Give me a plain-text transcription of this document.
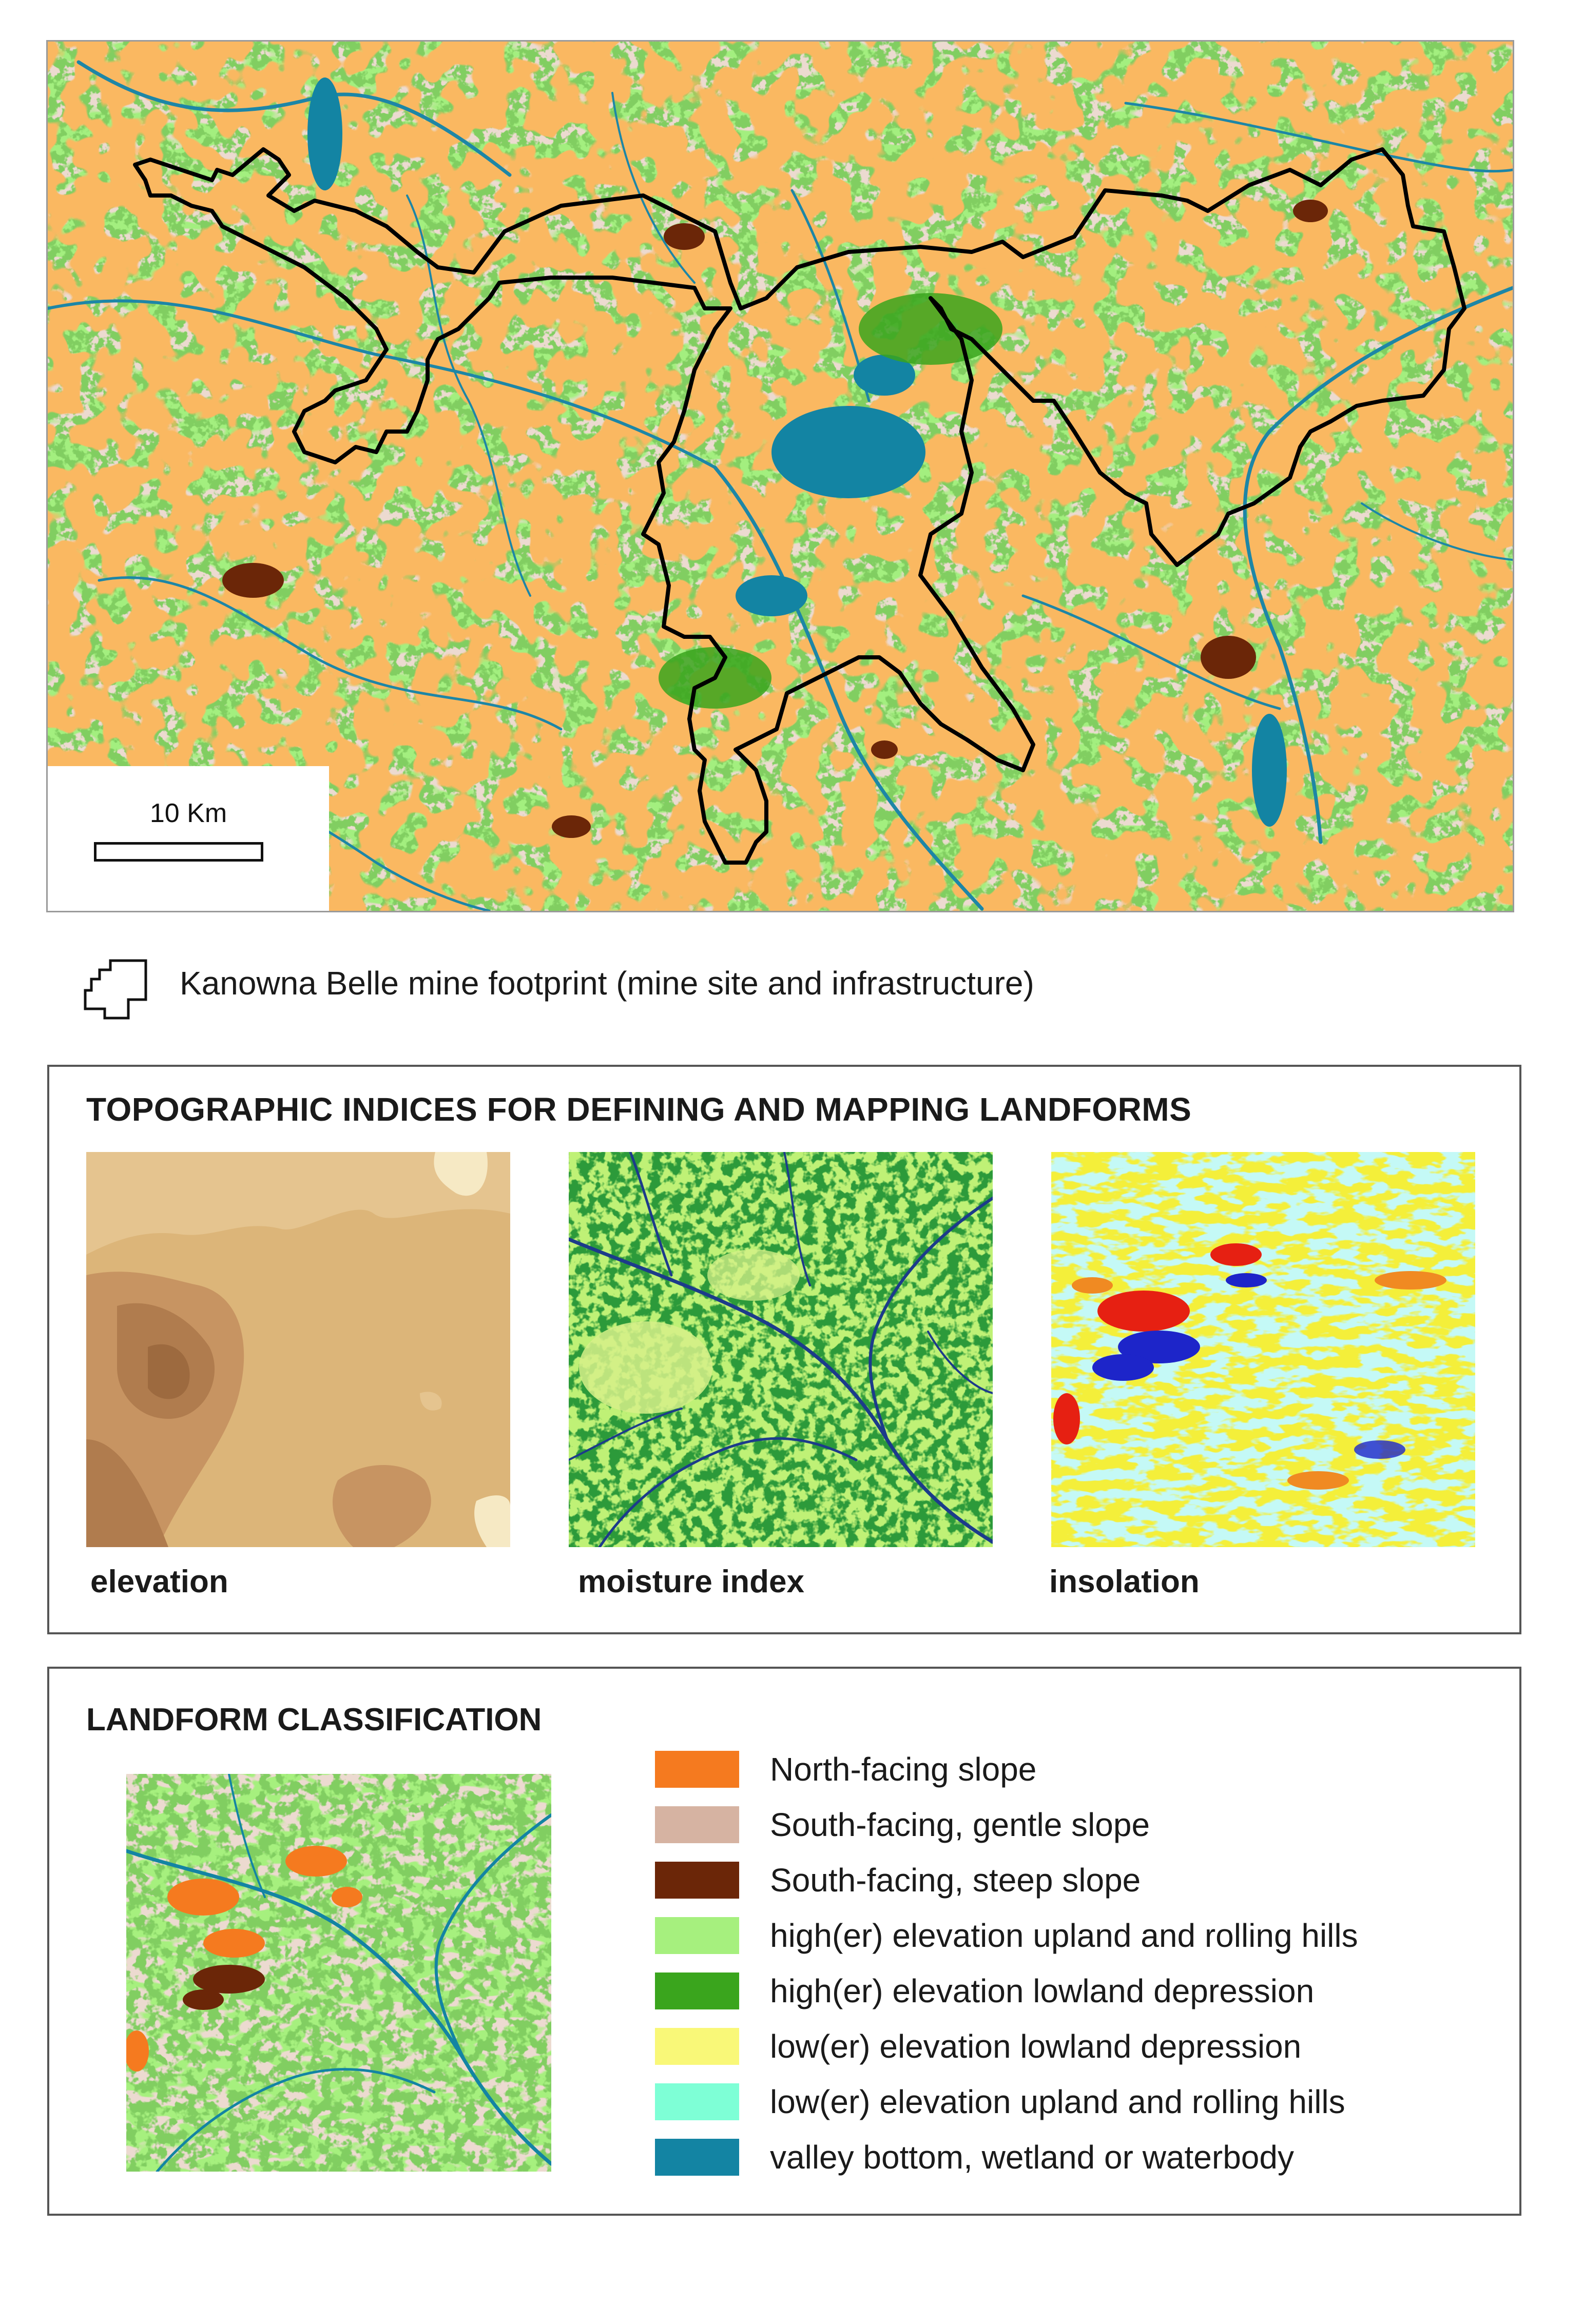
10 Km
Kanowna Belle mine footprint (mine site and infrastructure)
TOPOGRAPHIC INDICES FOR DEFINING AND MAPPING LANDFORMS
elevation	moisture index	insolation
LANDFORM CLASSIFICATION
North-facing slope
South-facing, gentle slope
South-facing, steep slope
high(er) elevation upland and rolling hills
high(er) elevation lowland depression
low(er) elevation lowland depression
low(er) elevation upland and rolling hills
valley bottom, wetland or waterbody
